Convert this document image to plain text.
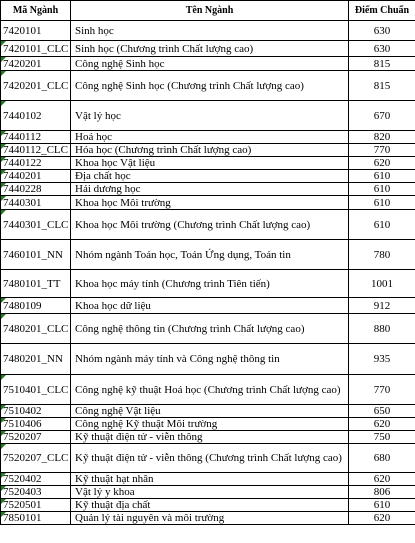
Mã Ngành	Tên Ngành	Điểm Chuẩn
7420101	Sinh học	630

7420101_CLC	Sinh học (Chương trình Chất lượng cao)	630

7420201	Công nghệ Sinh học	815

7420201_CLC	Công nghệ Sinh học (Chương trình Chất lượng cao)	815

7440102	Vật lý học	670

7440112	Hoá học	820

7440112_CLC	Hóa học (Chương trình Chất lượng cao)	770

7440122	Khoa học Vật liệu	620

7440201	Địa chất học	610

7440228	Hải dương học	610

7440301	Khoa học Môi trường	610

7440301_CLC	Khoa học Môi trường (Chương trình Chất lượng cao)	610
7460101_NN	Nhóm ngành Toán học, Toán Ứng dụng, Toán tin	780
7480101_TT	Khoa học máy tính (Chương trình Tiên tiến)	1001

7480109	Khoa học dữ liệu	912

7480201_CLC	Công nghệ thông tin (Chương trình Chất lượng cao)	880
7480201_NN	Nhóm ngành máy tính và Công nghệ thông tin	935

7510401_CLC	Công nghệ kỹ thuật Hoá học (Chương trình Chất lượng cao)	770

7510402	Công nghệ Vật liệu	650

7510406	Công nghệ Kỹ thuật Môi trường	620

7520207	Kỹ thuật điện tử - viễn thông	750

7520207_CLC	Kỹ thuật điện tử - viễn thông (Chương trình Chất lượng cao)	680

7520402	Kỹ thuật hạt nhân	620

7520403	Vật lý y khoa	806

7520501	Kỹ thuật địa chất	610

7850101	Quản lý tài nguyên và môi trường	620
